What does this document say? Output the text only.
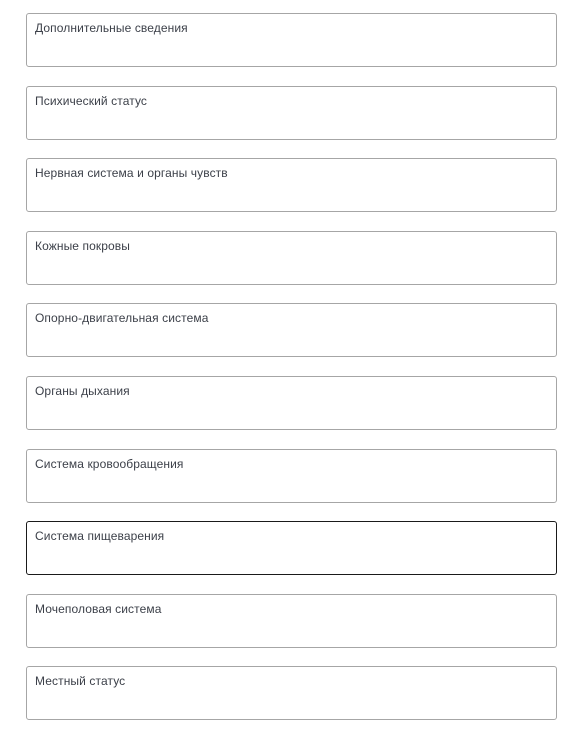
Дополнительные сведения
Психический статус
Нервная система и органы чувств
Кожные покровы
Опорно-двигательная система
Органы дыхания
Система кровообращения
Система пищеварения
Мочеполовая система
Местный статус
